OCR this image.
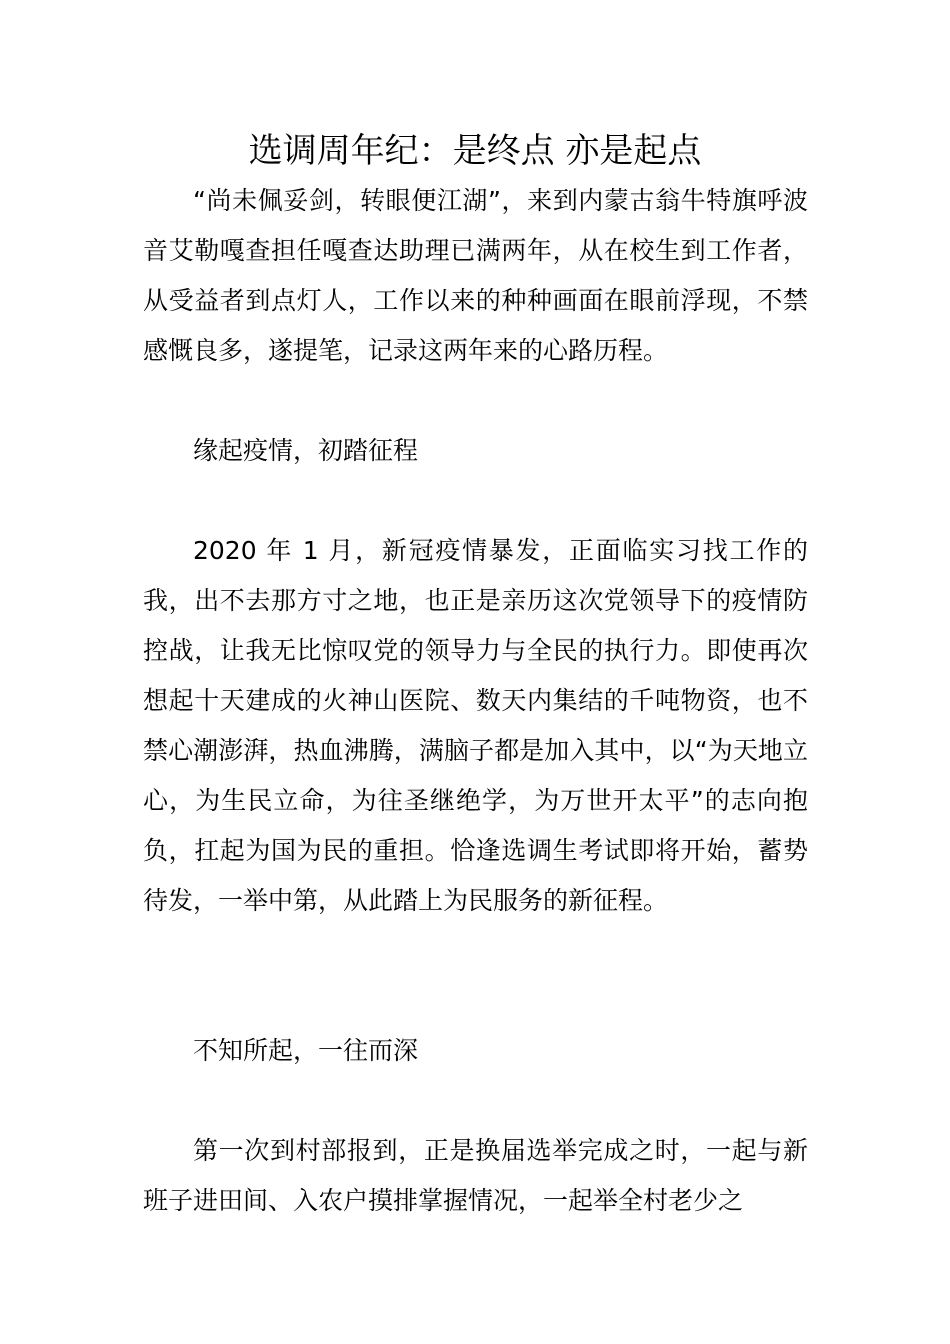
选调周年纪：是终点 亦是起点

“尚未佩妥剑，转眼便江湖”，来到内蒙古翁牛特旗呼波音艾勒嘎查担任嘎查达助理已满两年，从在校生到工作者，从受益者到点灯人，工作以来的种种画面在眼前浮现，不禁感慨良多，遂提笔，记录这两年来的心路历程。

缘起疫情，初踏征程

2020 年 1 月，新冠疫情暴发，正面临实习找工作的我，出不去那方寸之地，也正是亲历这次党领导下的疫情防控战，让我无比惊叹党的领导力与全民的执行力。即使再次想起十天建成的火神山医院、数天内集结的千吨物资，也不禁心潮澎湃，热血沸腾，满脑子都是加入其中，以“为天地立心，为生民立命，为往圣继绝学，为万世开太平”的志向抱负，扛起为国为民的重担。恰逢选调生考试即将开始，蓄势待发，一举中第，从此踏上为民服务的新征程。

不知所起，一往而深

第一次到村部报到，正是换届选举完成之时，一起与新班子进田间、入农户摸排掌握情况，一起举全村老少之
